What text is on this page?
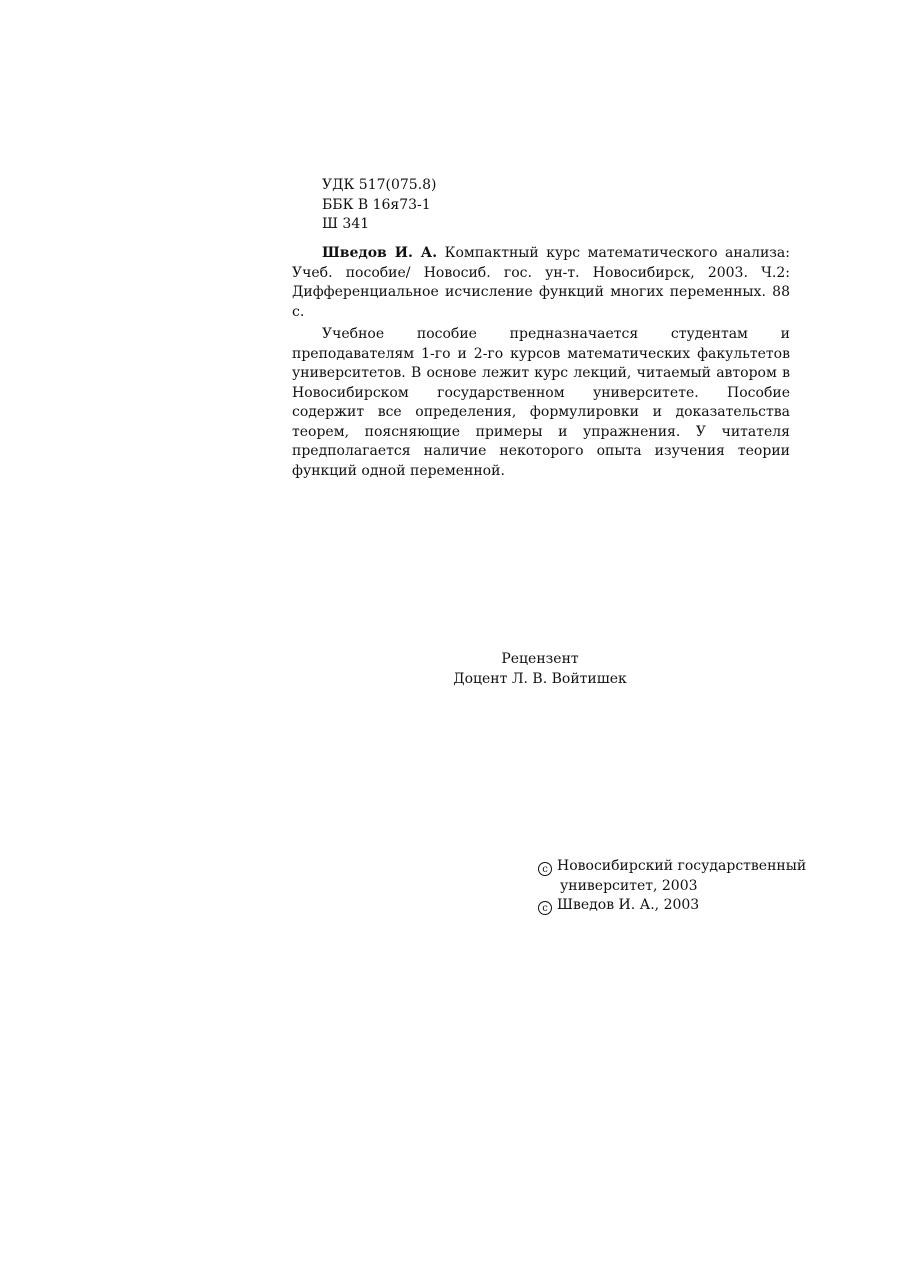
УДК 517(075.8)
ББК В 16я73-1
Ш 341
Шведов И. А. Компактный курс математического анализа: Учеб. пособие/ Новосиб. гос. ун-т. Новосибирск, 2003. Ч.2: Дифференциальное исчисление функций многих переменных. 88 с.
Учебное пособие предназначается студентам и преподавателям 1-го и 2-го курсов математических факультетов университетов. В основе лежит курс лекций, читаемый автором в Новосибирском государственном университете. Пособие содержит все определения, формулировки и доказательства теорем, поясняющие примеры и упражнения. У читателя предполагается наличие некоторого опыта изучения теории функций одной переменной.
Рецензент
Доцент Л. В. Войтишек
c Новосибирский государственный
университет, 2003
c Шведов И. А., 2003
